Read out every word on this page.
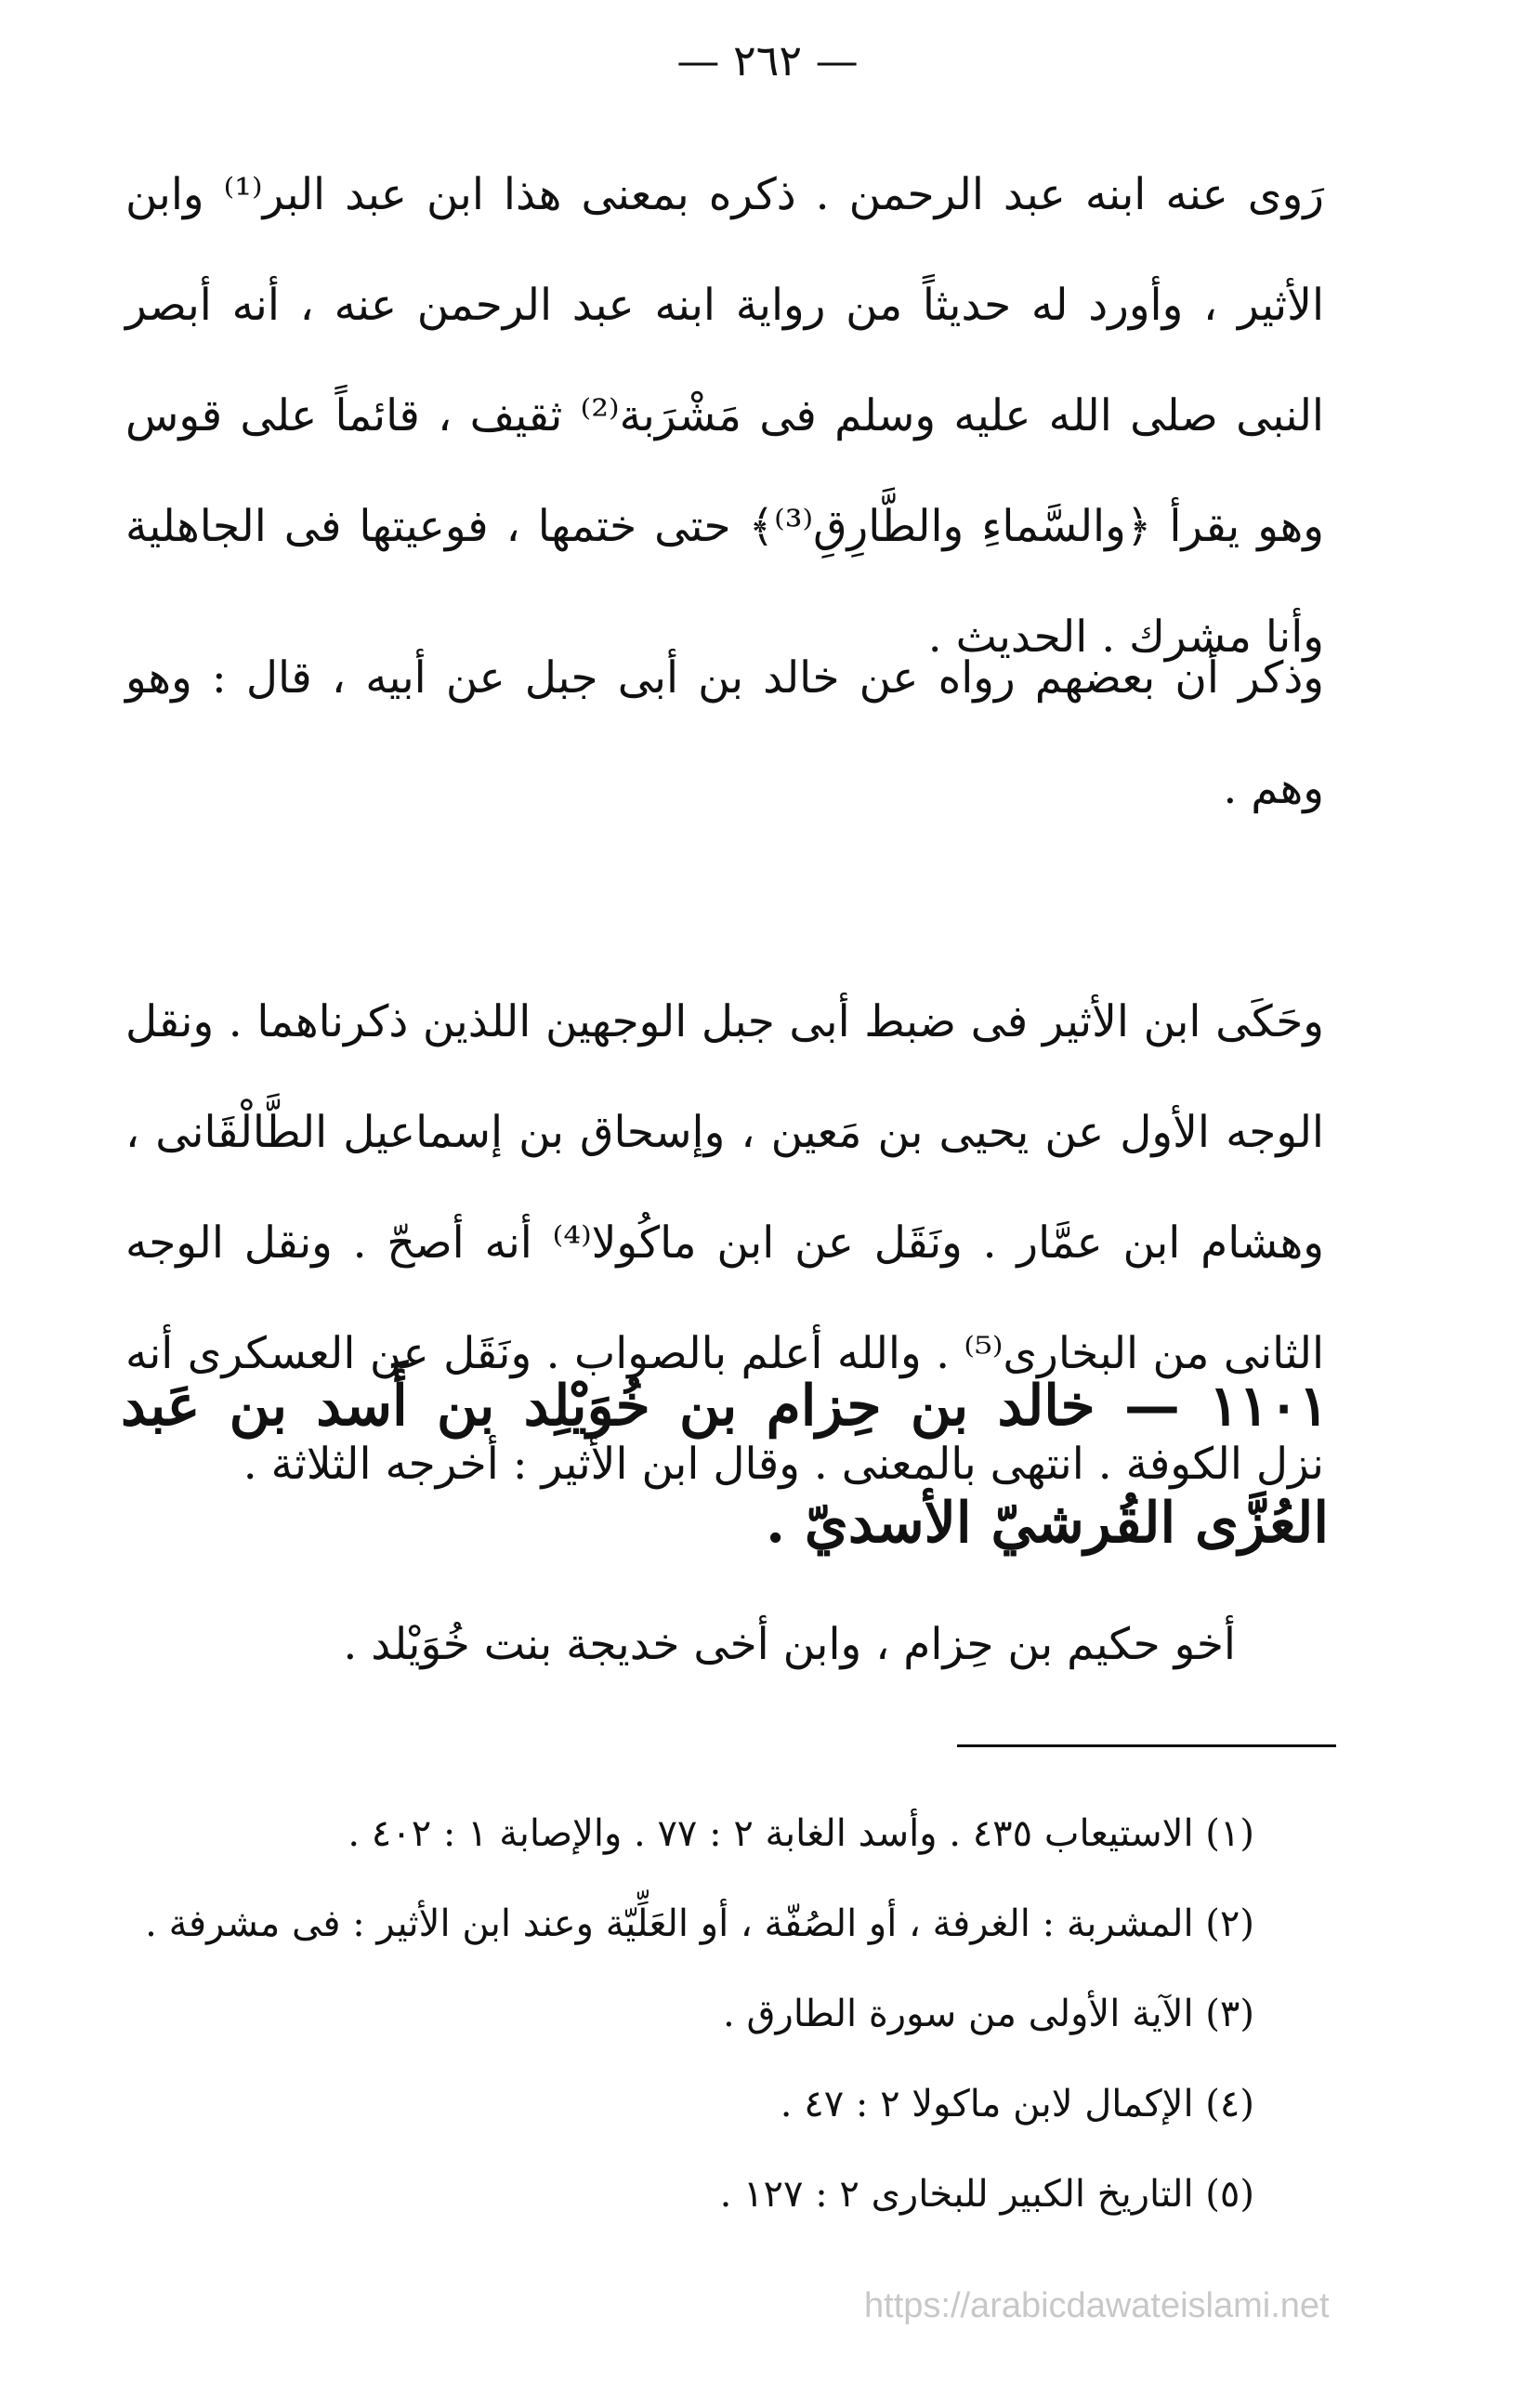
— ٢٦٢ —
رَوى عنه ابنه عبد الرحمن . ذكره بمعنى هذا ابن عبد البر⁽¹⁾ وابن الأثير ، وأورد له حديثاً من رواية ابنه عبد الرحمن عنه ، أنه أبصر النبى صلى الله عليه وسلم فى مَشْرَبة⁽²⁾ ثقيف ، قائماً على قوس وهو يقرأ ﴿والسَّماءِ والطَّارِقِ⁽³⁾﴾ حتى ختمها ، فوعيتها فى الجاهلية وأنا مشرك . الحديث .
وذكر أن بعضهم رواه عن خالد بن أبى جبل عن أبيه ، قال : وهو وهم .
وحَكَى ابن الأثير فى ضبط أبى جبل الوجهين اللذين ذكرناهما . ونقل الوجه الأول عن يحيى بن مَعين ، وإسحاق بن إسماعيل الطَّالْقَانى ، وهشام ابن عمَّار . ونَقَل عن ابن ماكُولا⁽⁴⁾ أنه أصحّ . ونقل الوجه الثانى من البخارى⁽⁵⁾ . والله أعلم بالصواب . ونَقَل عن العسكرى أنه نزل الكوفة . انتهى بالمعنى . وقال ابن الأثير : أخرجه الثلاثة .
١١٠١ — خالد بن حِزام بن خُوَيْلِد بن أَسد بن عَبد العُزَّى القُرشيّ الأسديّ .
أخو حكيم بن حِزام ، وابن أخى خديجة بنت خُوَيْلد .
(١) الاستيعاب ٤٣٥ . وأسد الغابة ٢ : ٧٧ . والإصابة ١ : ٤٠٢ .
(٢) المشربة : الغرفة ، أو الصُفّة ، أو العَلِّيّة وعند ابن الأثير : فى مشرفة .
(٣) الآية الأولى من سورة الطارق .
(٤) الإكمال لابن ماكولا ٢ : ٤٧ .
(٥) التاريخ الكبير للبخارى ٢ : ١٢٧ .
https://arabicdawateislami.net
